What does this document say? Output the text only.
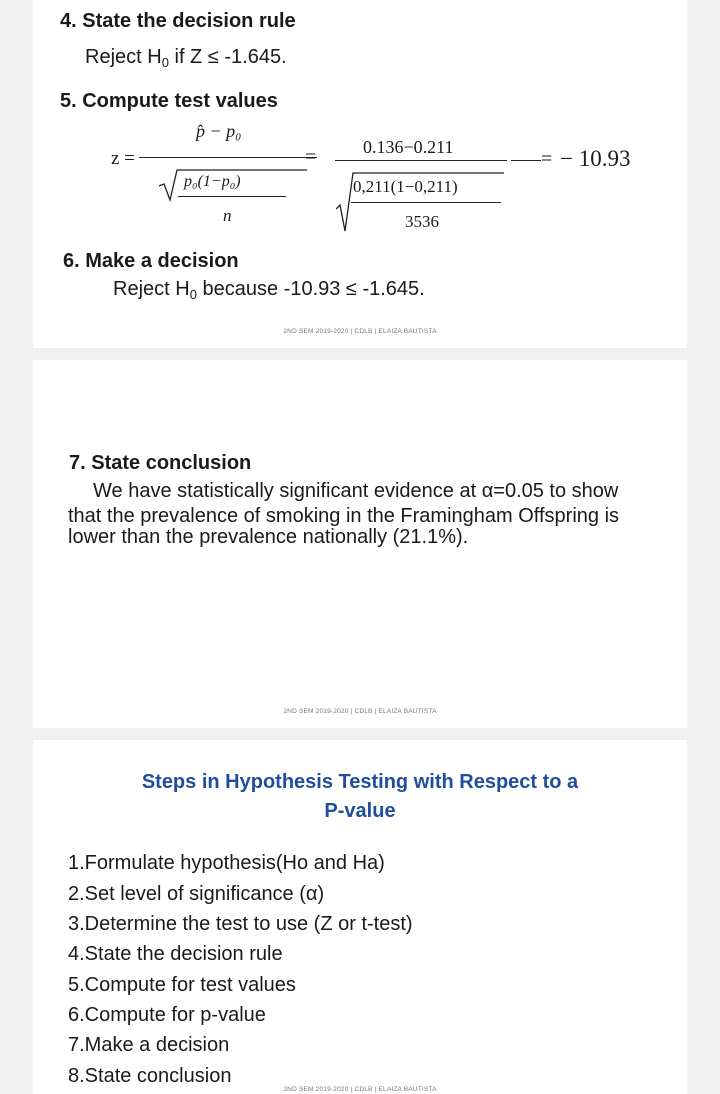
4. State the decision rule
Reject $H_0$ if Z ≤ -1.645.
5. Compute test values
z =
p̂ − p₀
p₀(1−p₀)
n
=	0.136−0.211
0,211(1−0,211)
3536
= − 10.93
6. Make a decision
Reject $H_0$ because -10.93 ≤ -1.645.
2ND SEM 2019-2020 | CDLB | ELAIZA BAUTISTA
7. State conclusion
We have statistically significant evidence at α=0.05 to show
that the prevalence of smoking in the Framingham Offspring is
lower than the prevalence nationally (21.1%).
2ND SEM 2019-2020 | CDLB | ELAIZA BAUTISTA
Steps in Hypothesis Testing with Respect to a
P-value
1.Formulate hypothesis(Ho and Ha)
2.Set level of significance (α)
3.Determine the test to use (Z or t-test)
4.State the decision rule
5.Compute for test values
6.Compute for p-value
7.Make a decision
8.State conclusion
2ND SEM 2019-2020 | CDLB | ELAIZA BAUTISTA
